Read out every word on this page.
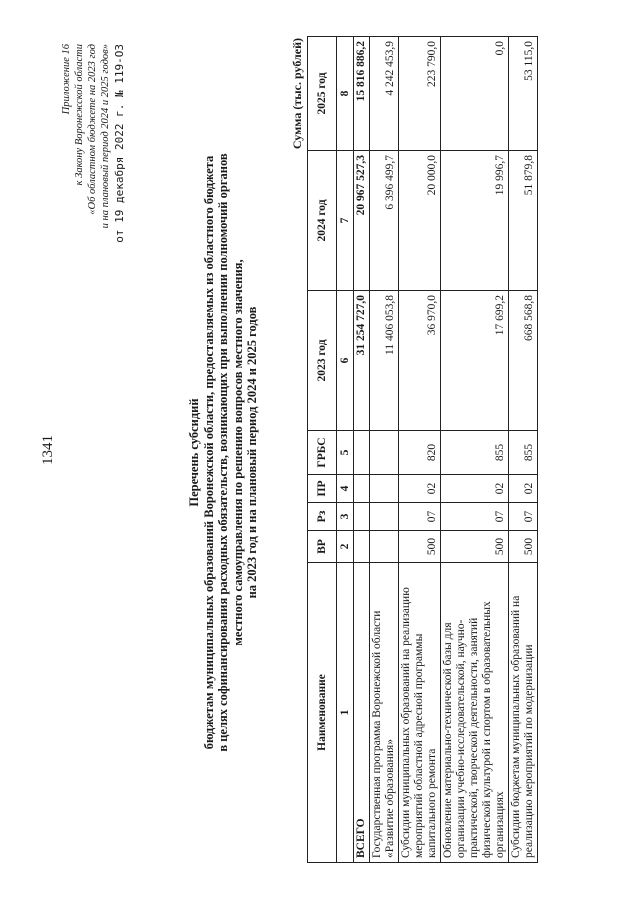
1341
Приложение 16 к Закону Воронежской области «Об областном бюджете на 2023 год и на плановый период 2024 и 2025 годов» от 19 декабря 2022 г. № 119-ОЗ
Перечень субсидий бюджетам муниципальных образований Воронежской области, предоставляемых из областного бюджета в целях софинансирования расходных обязательств, возникающих при выполнении полномочий органов местного самоуправления по решению вопросов местного значения, на 2023 год и на плановый период 2024 и 2025 годов
Сумма (тыс. рублей)
Наименование	ВР	Рз	ПР	ГРБС	2023 год	2024 год	2025 год
1	2	3	4	5	6	7	8
ВСЕГО					31 254 727,0	20 967 527,3	15 816 886,2
Государственная программа Воронежской области «Развитие образования»					11 406 053,8	6 396 499,7	4 242 453,9
Субсидии муниципальных образований на реализацию мероприятий областной адресной программы капитального ремонта	500	07	02	820	36 970,0	20 000,0	223 790,0
Обновление материально-технической базы для организации учебно-исследовательской, научно-практической, творческой деятельности, занятий физической культурой и спортом в образовательных организациях	500	07	02	855	17 699,2	19 996,7	0,0
Субсидии бюджетам муниципальных образований на реализацию мероприятий по модернизации	500	07	02	855	668 568,8	51 879,8	53 115,0
